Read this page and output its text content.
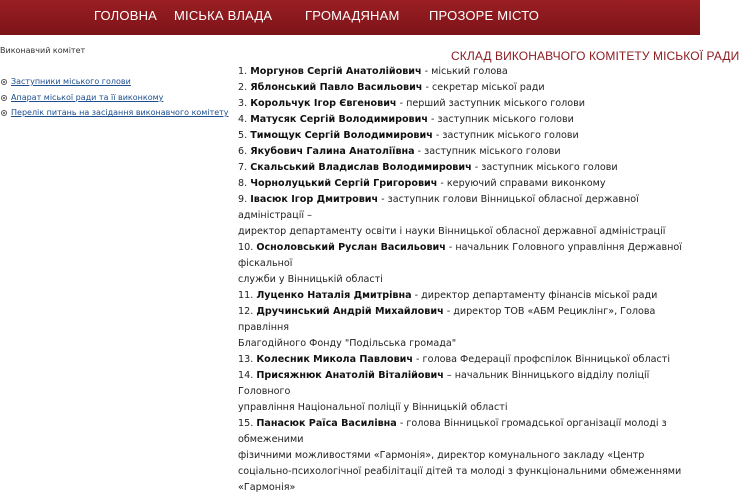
ГОЛОВНА МІСЬКА ВЛАДА	ГРОМАДЯНАМ ПРОЗОРЕ МІСТО
Виконавчий комітет
Заступники міського голови
Апарат міської ради та її виконкому
Перелік питань на засідання виконавчого комітету
СКЛАД ВИКОНАВЧОГО КОМІТЕТУ МІСЬКОЇ РАДИ
1. Моргунов Сергій Анатолійович - міський голова
2. Яблонський Павло Васильович - секретар міської ради
3. Корольчук Ігор Євгенович - перший заступник міського голови
4. Матусяк Сергій Володимирович - заступник міського голови
5. Тимощук Сергій Володимирович - заступник міського голови
6. Якубович Галина Анатоліївна - заступник міського голови
7. Скальський Владислав Володимирович - заступник міського голови
8. Чорнолуцький Сергій Григорович - керуючий справами виконкому
9. Івасюк Ігор Дмитрович - заступник голови Вінницької обласної державної адміністрації –
директор департаменту освіти і науки Вінницької обласної державної адміністрації
10. Осноловський Руслан Васильович - начальник Головного управління Державної фіскальної
служби у Вінницькій області
11. Луценко Наталія Дмитрівна - директор департаменту фінансів міської ради
12. Дручинський Андрій Михайлович - директор ТОВ «АБМ Рециклінг», Голова правління
Благодійного Фонду "Подільська громада"
13. Колесник Микола Павлович - голова Федерації профспілок Вінницької області
14. Присяжнюк Анатолій Віталійович – начальник Вінницького відділу поліції Головного
управління Національної поліції у Вінницькій області
15. Панасюк Раїса Василівна - голова Вінницької громадської організації молоді з обмеженими
фізичними можливостями «Гармонія», директор комунального закладу «Центр соціально-психологічної реабілітації дітей та молоді з функціональними обмеженнями «Гармонія»
